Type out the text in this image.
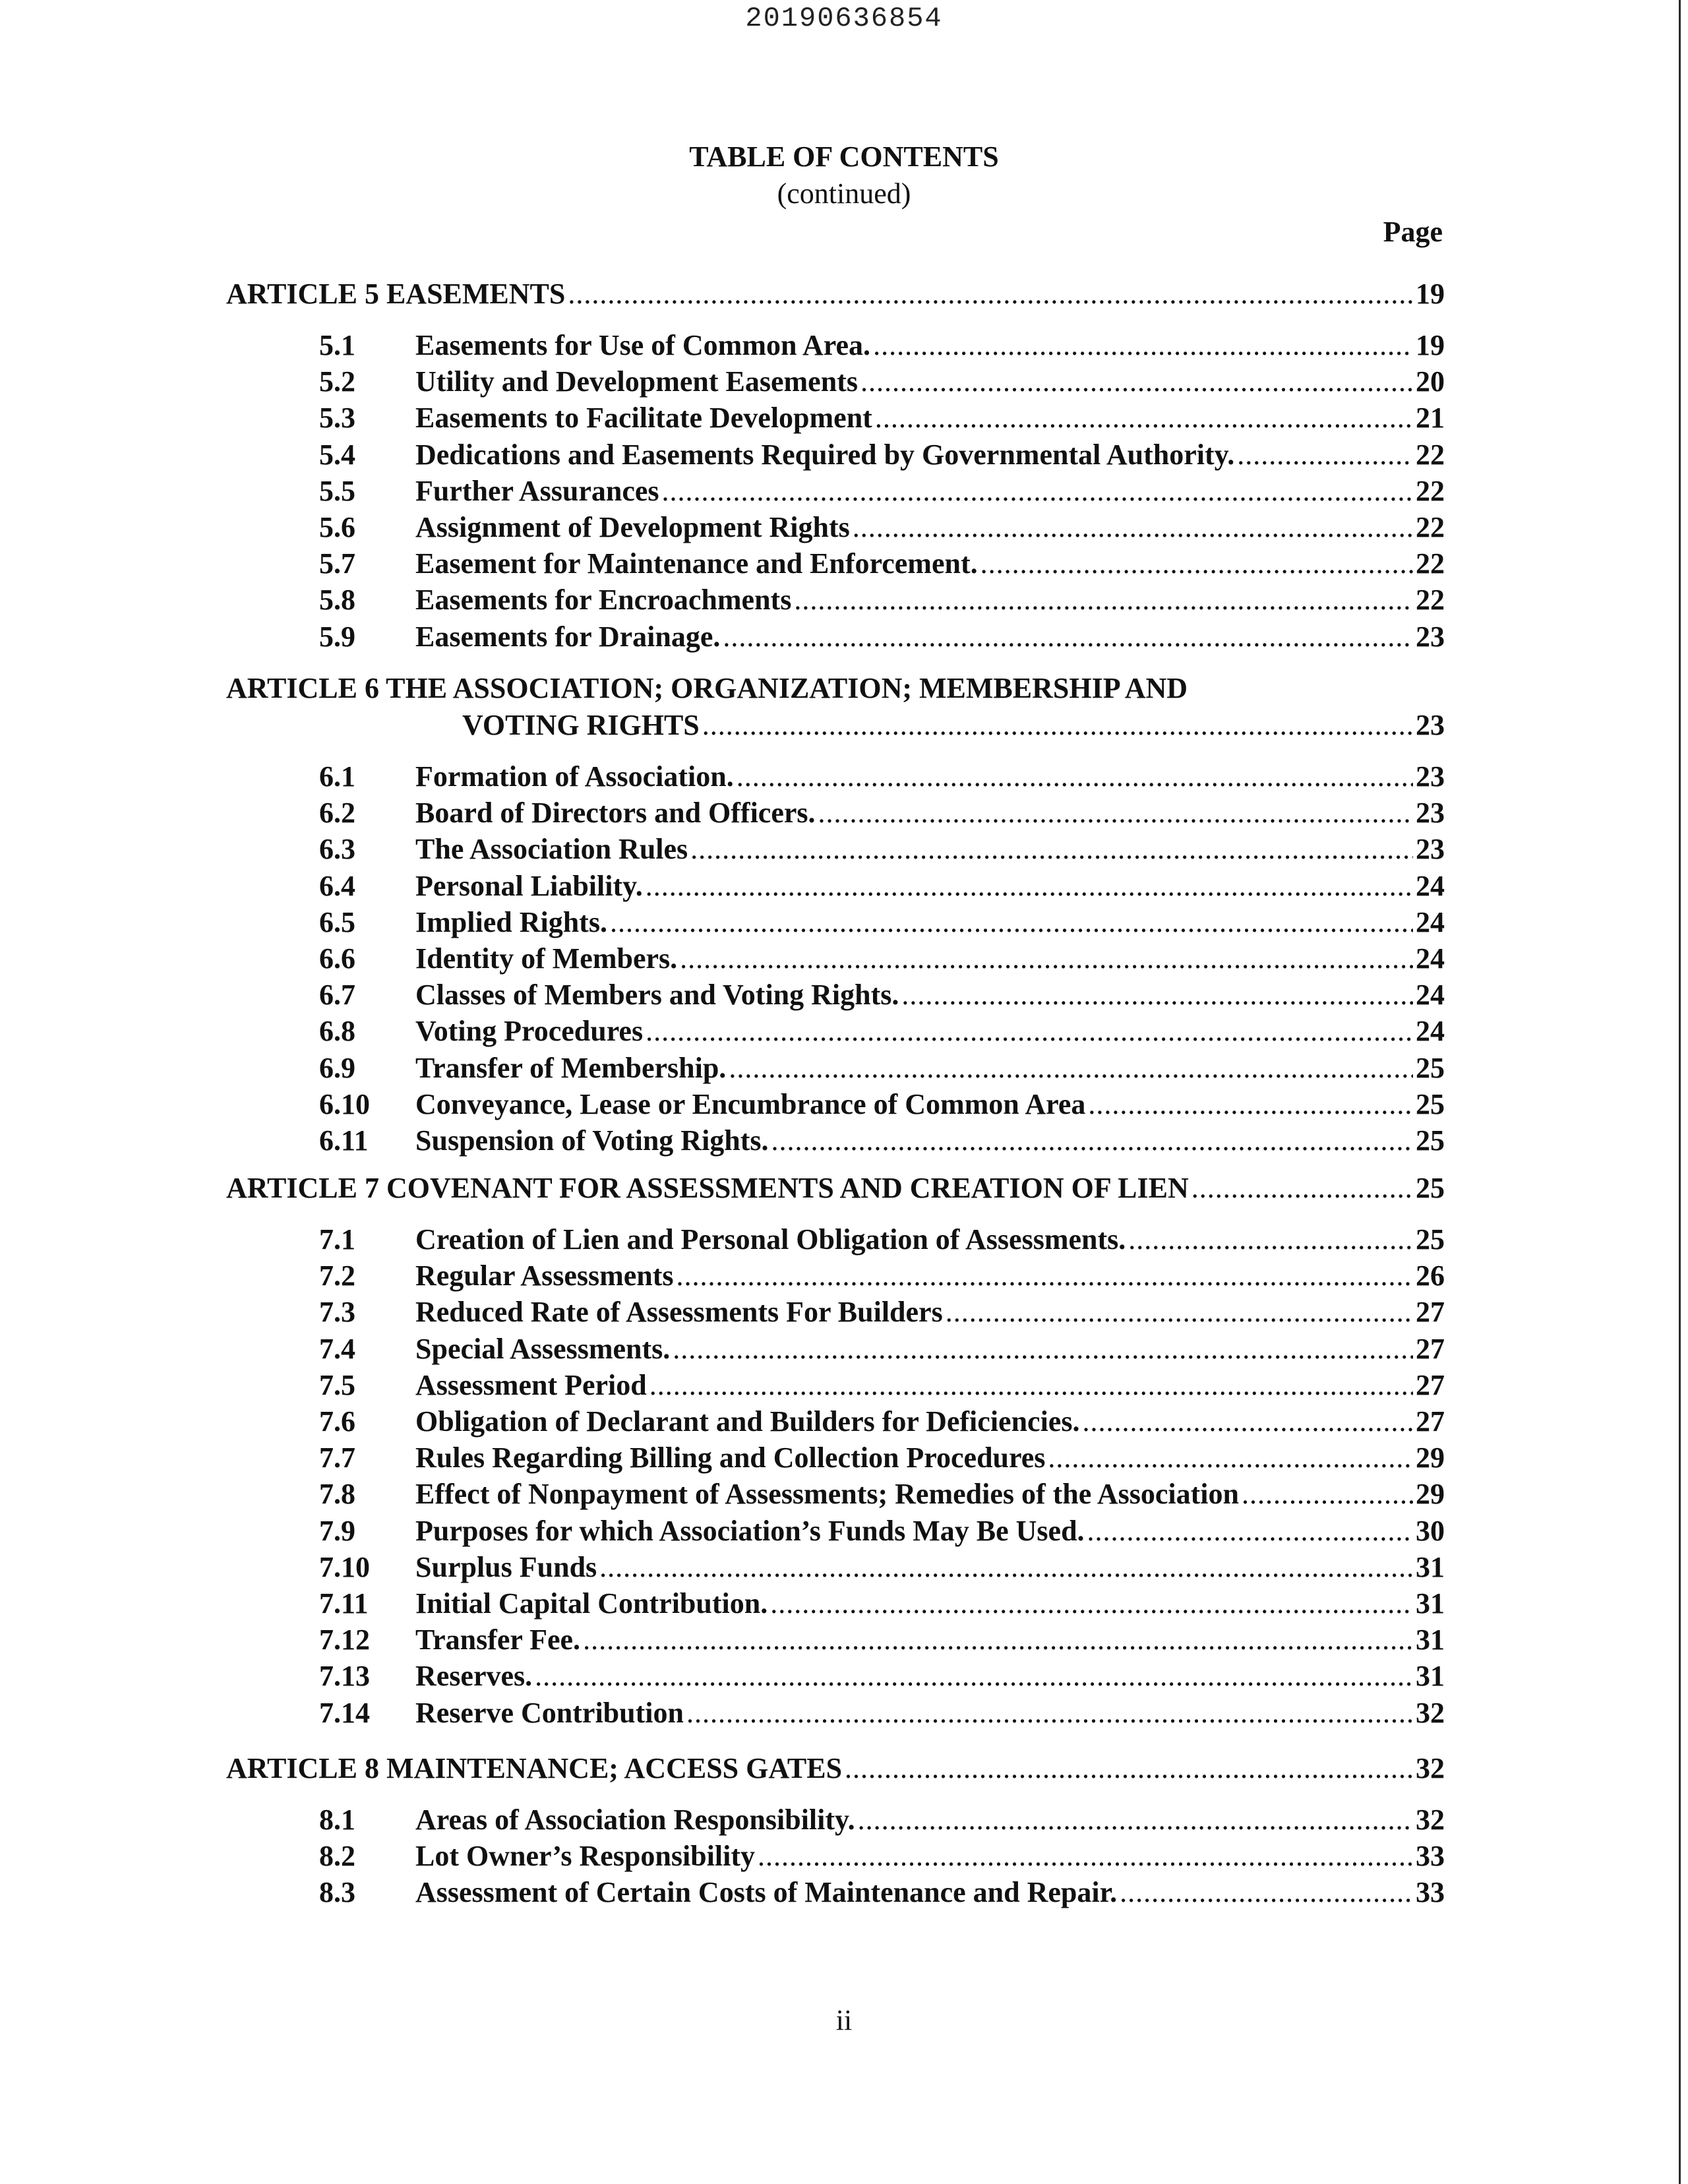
20190636854
TABLE OF CONTENTS
(continued)
Page
ARTICLE 5 EASEMENTS .....	19
5.1 Easements for Use of Common Area. .....	19
5.2 Utility and Development Easements .....	20
5.3 Easements to Facilitate Development .....	21
5.4 Dedications and Easements Required by Governmental Authority. .....	22
5.5 Further Assurances .....	22
5.6 Assignment of Development Rights .....	22
5.7 Easement for Maintenance and Enforcement. .....	22
5.8 Easements for Encroachments .....	22
5.9 Easements for Drainage. .....	23
ARTICLE 6 THE ASSOCIATION; ORGANIZATION; MEMBERSHIP AND
VOTING RIGHTS .....	23
6.1 Formation of Association. .....	23
6.2 Board of Directors and Officers. .....	23
6.3 The Association Rules .....	23
6.4 Personal Liability. .....	24
6.5 Implied Rights. .....	24
6.6 Identity of Members. .....	24
6.7 Classes of Members and Voting Rights. .....	24
6.8 Voting Procedures .....	24
6.9 Transfer of Membership. .....	25
6.10 Conveyance, Lease or Encumbrance of Common Area .....	25
6.11 Suspension of Voting Rights. .....	25
ARTICLE 7 COVENANT FOR ASSESSMENTS AND CREATION OF LIEN .....	25
7.1 Creation of Lien and Personal Obligation of Assessments. .....	25
7.2 Regular Assessments .....	26
7.3 Reduced Rate of Assessments For Builders .....	27
7.4 Special Assessments. .....	27
7.5 Assessment Period .....	27
7.6 Obligation of Declarant and Builders for Deficiencies. .....	27
7.7 Rules Regarding Billing and Collection Procedures .....	29
7.8 Effect of Nonpayment of Assessments; Remedies of the Association .....	29
7.9 Purposes for which Association’s Funds May Be Used. .....	30
7.10 Surplus Funds .....	31
7.11 Initial Capital Contribution. .....	31
7.12 Transfer Fee. .....	31
7.13 Reserves. .....	31
7.14 Reserve Contribution .....	32
ARTICLE 8 MAINTENANCE; ACCESS GATES .....	32
8.1 Areas of Association Responsibility. .....	32
8.2 Lot Owner’s Responsibility .....	33
8.3 Assessment of Certain Costs of Maintenance and Repair. .....	33
ii
